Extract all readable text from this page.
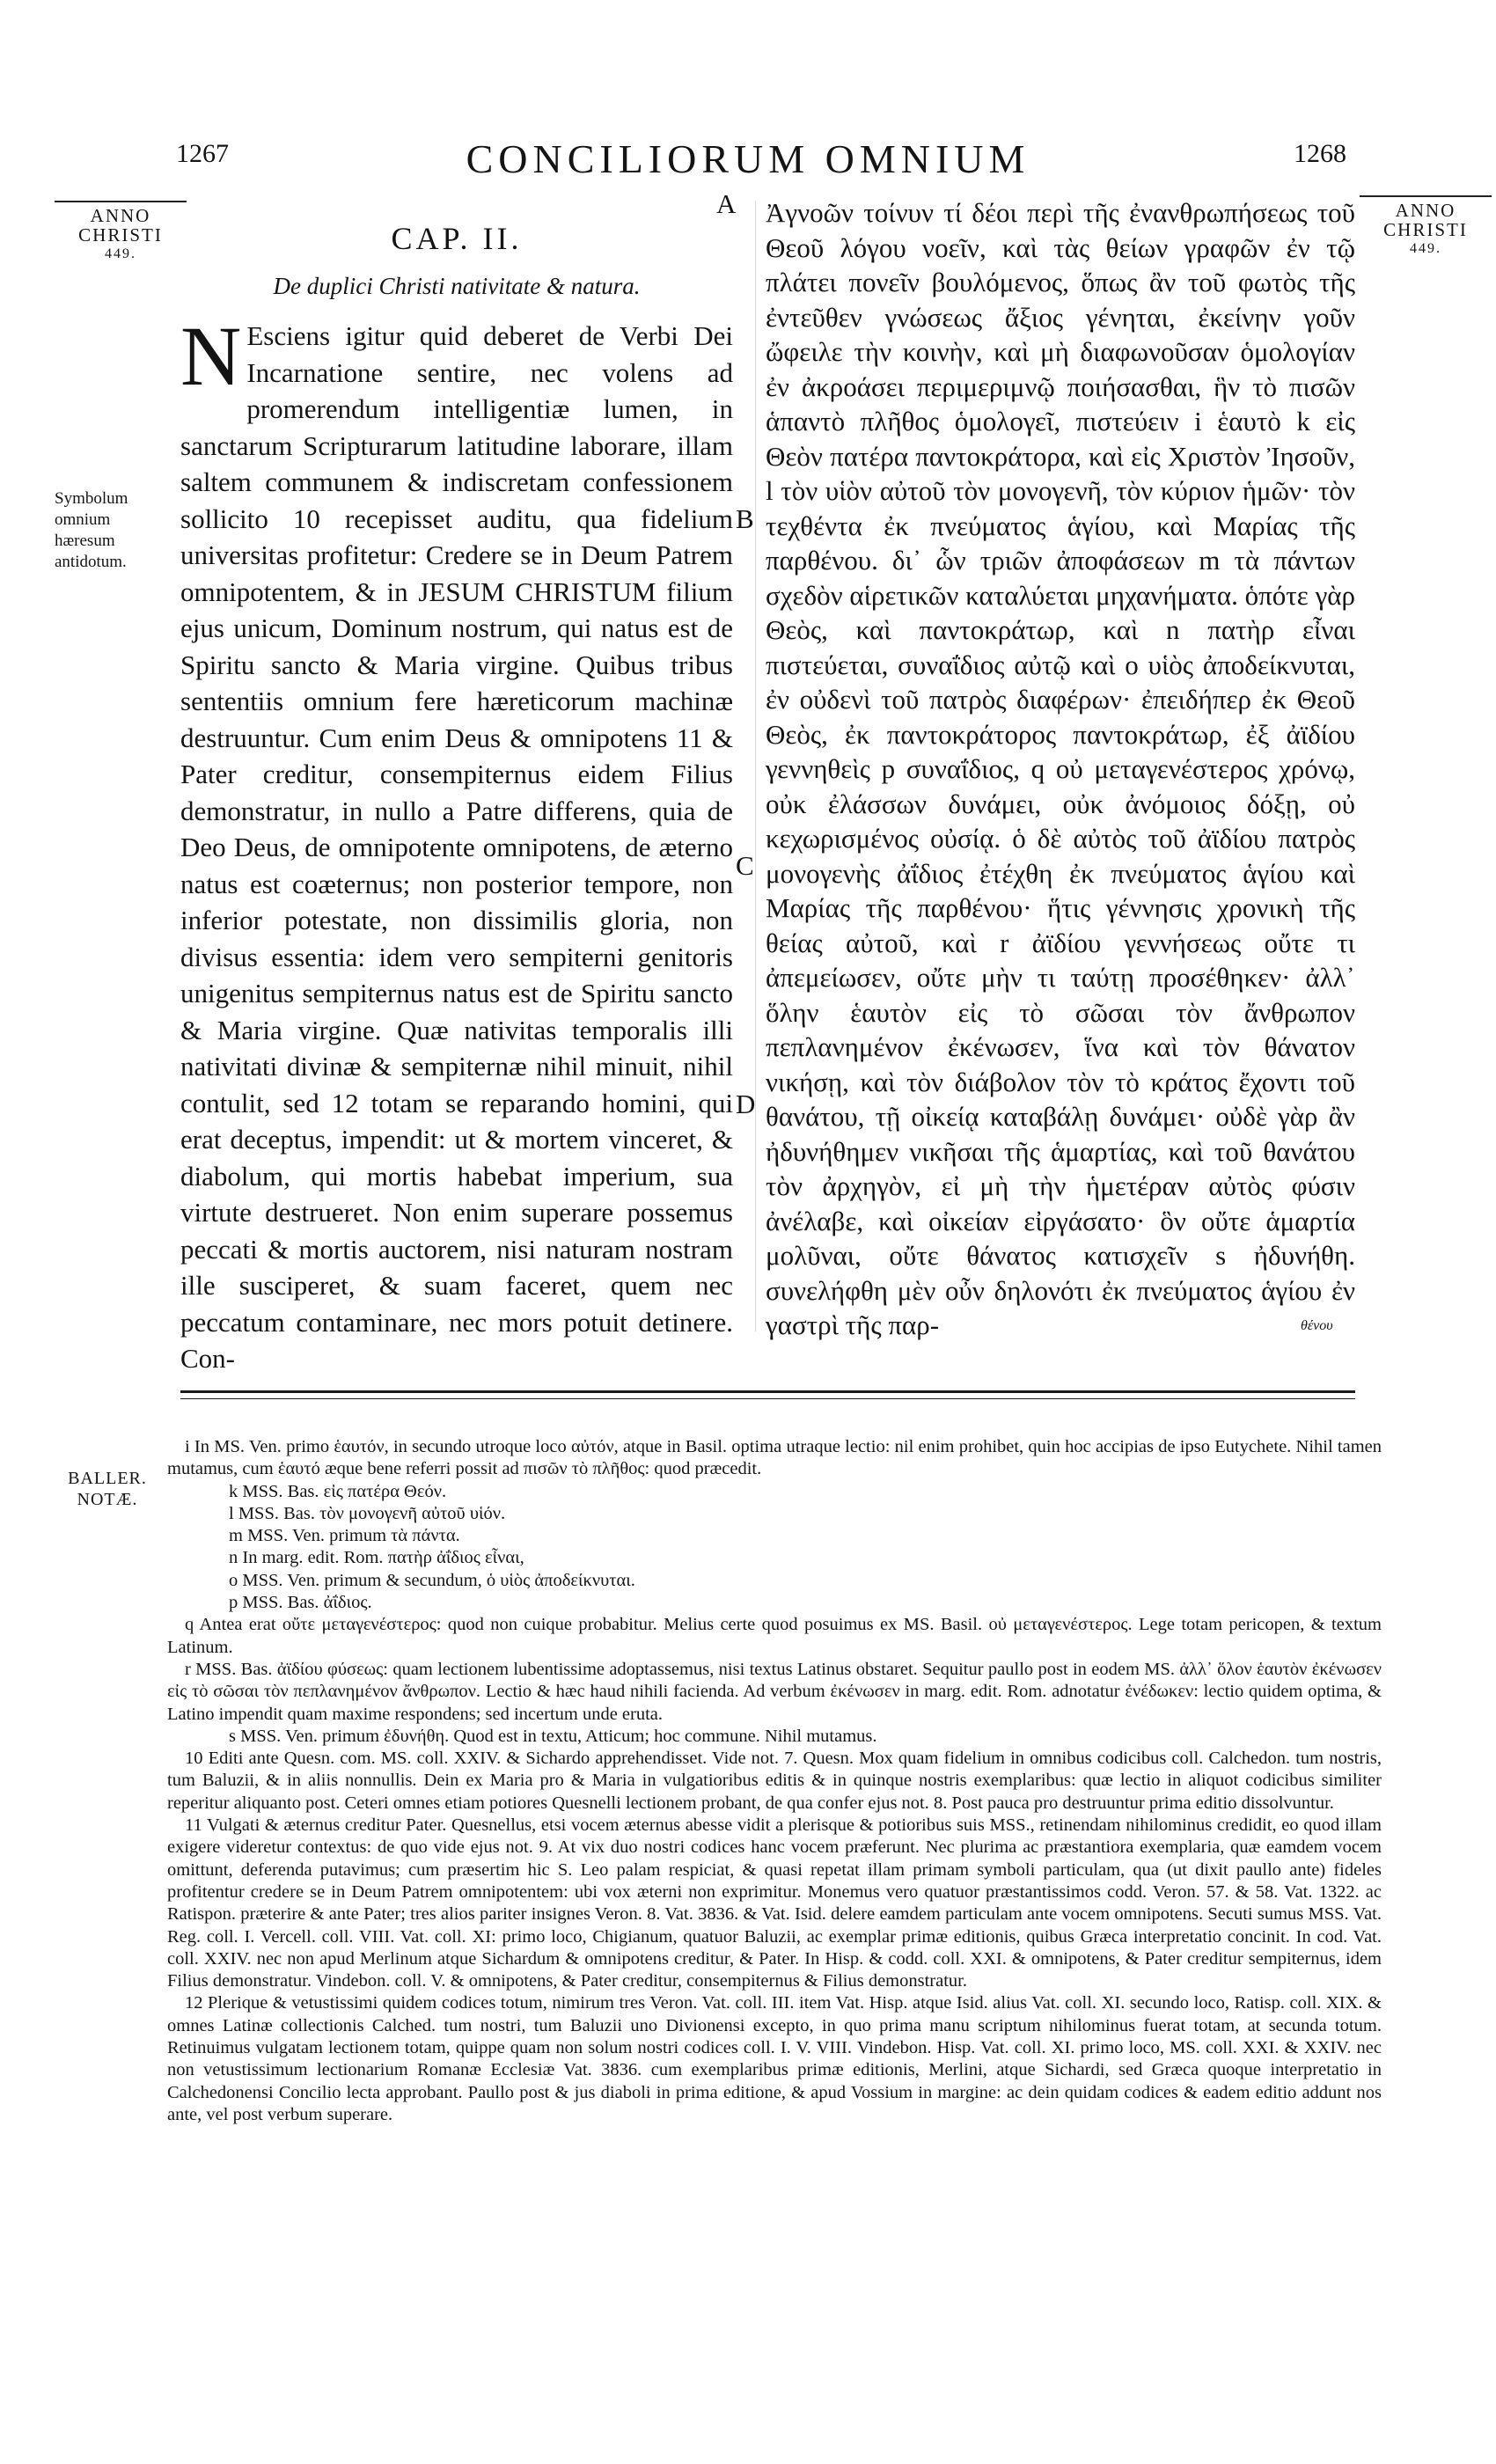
1267	CONCILIORUM OMNIUM	1268
ANNO
CHRISTI
449.
ANNO
CHRISTI
449.
CAP. II.
De duplici Christi nativitate & natura.
N Esciens igitur quid deberet de Verbi Dei Incarnatione sentire, nec volens ad promerendum intelligentiæ lumen, in sanctarum Scripturarum latitudine laborare, illam saltem communem & indiscretam confessionem sollicito 10 recepisset auditu, qua fidelium universitas profitetur: Credere se in Deum Patrem omnipotentem, & in JESUM CHRISTUM filium ejus unicum, Dominum nostrum, qui natus est de Spiritu sancto & Maria virgine. Quibus tribus sententiis omnium fere hæreticorum machinæ destruuntur. Cum enim Deus & omnipotens 11 & Pater creditur, consempiternus eidem Filius demonstratur, in nullo a Patre differens, quia de Deo Deus, de omnipotente omnipotens, de æterno natus est coæternus; non posterior tempore, non inferior potestate, non dissimilis gloria, non divisus essentia: idem vero sempiterni genitoris unigenitus sempiternus natus est de Spiritu sancto & Maria virgine. Quæ nativitas temporalis illi nativitati divinæ & sempiternæ nihil minuit, nihil contulit, sed 12 totam se reparando homini, qui erat deceptus, impendit: ut & mortem vinceret, & diabolum, qui mortis habebat imperium, sua virtute destrueret. Non enim superare possemus peccati & mortis auctorem, nisi naturam nostram ille susciperet, & suam faceret, quem nec peccatum contaminare, nec mors potuit detinere. Con-
Symbolum omnium hæresum antidotum.
A
B
C
D
Ἀγνοῶν τοίνυν τί δέοι περὶ τῆς ἐνανθρωπήσεως τοῦ Θεοῦ λόγου νοεῖν, καὶ τὰς θείων γραφῶν ἐν τῷ πλάτει πονεῖν βουλόμενος, ὅπως ἂν τοῦ φωτὸς τῆς ἐντεῦθεν γνώσεως ἄξιος γένηται, ἐκείνην γοῦν ὤφειλε τὴν κοινὴν, καὶ μὴ διαφωνοῦσαν ὁμολογίαν ἐν ἀκροάσει περιμεριμνῷ ποιήσασθαι, ἣν τὸ πισῶν ἁπαντὸ πλῆθος ὁμολογεῖ, πιστεύειν i ἑαυτὸ k εἰς Θεὸν πατέρα παντοκράτορα, καὶ εἰς Χριστὸν Ἰησοῦν, l τὸν υἱὸν αὐτοῦ τὸν μονογενῆ, τὸν κύριον ἡμῶν· τὸν τεχθέντα ἐκ πνεύματος ἁγίου, καὶ Μαρίας τῆς παρθένου. δι᾽ ὧν τριῶν ἀποφάσεων m τὰ πάντων σχεδὸν αἱρετικῶν καταλύεται μηχανήματα. ὁπότε γὰρ Θεὸς, καὶ παντοκράτωρ, καὶ n πατὴρ εἶναι πιστεύεται, συναΐδιος αὐτῷ καὶ ο υἱὸς ἀποδείκνυται, ἐν οὐδενὶ τοῦ πατρὸς διαφέρων· ἐπειδήπερ ἐκ Θεοῦ Θεὸς, ἐκ παντοκράτορος παντοκράτωρ, ἐξ ἀϊδίου γεννηθεὶς p συναΐδιος, q οὐ μεταγενέστερος χρόνῳ, οὐκ ἐλάσσων δυνάμει, οὐκ ἀνόμοιος δόξῃ, οὐ κεχωρισμένος οὐσίᾳ. ὁ δὲ αὐτὸς τοῦ ἀϊδίου πατρὸς μονογενὴς ἀΐδιος ἐτέχθη ἐκ πνεύματος ἁγίου καὶ Μαρίας τῆς παρθένου· ἥτις γέννησις χρονικὴ τῆς θείας αὐτοῦ, καὶ r ἀϊδίου γεννήσεως οὔτε τι ἀπεμείωσεν, οὔτε μὴν τι ταύτῃ προσέθηκεν· ἀλλ᾽ ὅλην ἑαυτὸν εἰς τὸ σῶσαι τὸν ἄνθρωπον πεπλανημένον ἐκένωσεν, ἵνα καὶ τὸν θάνατον νικήσῃ, καὶ τὸν διάβολον τὸν τὸ κράτος ἔχοντι τοῦ θανάτου, τῇ οἰκείᾳ καταβάλῃ δυνάμει· οὐδὲ γὰρ ἂν ἠδυνήθημεν νικῆσαι τῆς ἁμαρτίας, καὶ τοῦ θανάτου τὸν ἀρχηγὸν, εἰ μὴ τὴν ἡμετέραν αὐτὸς φύσιν ἀνέλαβε, καὶ οἰκείαν εἰργάσατο· ὃν οὔτε ἁμαρτία μολῦναι, οὔτε θάνατος κατισχεῖν s ἠδυνήθη. συνελήφθη μὲν οὖν δηλονότι ἐκ πνεύματος ἁγίου ἐν γαστρὶ τῆς παρ-	θένου
BALLER.
NOTÆ.

i In MS. Ven. primo ἑαυτόν, in secundo utroque loco αὐτόν, atque in Basil. optima utraque lectio: nil enim prohibet, quin hoc accipias de ipso Eutychete. Nihil tamen mutamus, cum ἑαυτό æque bene referri possit ad πισῶν τὸ πλῆθος: quod præcedit.

k MSS. Bas. εἰς πατέρα Θεόν.

l MSS. Bas. τὸν μονογενῆ αὐτοῦ υἱόν.

m MSS. Ven. primum τὰ πάντα.

n In marg. edit. Rom. πατὴρ ἀΐδιος εἶναι,

o MSS. Ven. primum & secundum, ὁ υἱὸς ἀποδείκνυται.

p MSS. Bas. ἀΐδιος.

q Antea erat οὔτε μεταγενέστερος: quod non cuique probabitur. Melius certe quod posuimus ex MS. Basil. οὐ μεταγενέστερος. Lege totam pericopen, & textum Latinum.

r MSS. Bas. ἀϊδίου φύσεως: quam lectionem lubentissime adoptassemus, nisi textus Latinus obstaret. Sequitur paullo post in eodem MS. ἀλλ᾽ ὅλον ἑαυτὸν ἐκένωσεν εἰς τὸ σῶσαι τὸν πεπλανημένον ἄνθρωπον. Lectio & hæc haud nihili facienda. Ad verbum ἐκένωσεν in marg. edit. Rom. adnotatur ἐνέδωκεν: lectio quidem optima, & Latino impendit quam maxime respondens; sed incertum unde eruta.

s MSS. Ven. primum ἐδυνήθη. Quod est in textu, Atticum; hoc commune. Nihil mutamus.

10 Editi ante Quesn. com. MS. coll. XXIV. & Sichardo apprehendisset. Vide not. 7. Quesn. Mox quam fidelium in omnibus codicibus coll. Calchedon. tum nostris, tum Baluzii, & in aliis nonnullis. Dein ex Maria pro & Maria in vulgatioribus editis & in quinque nostris exemplaribus: quæ lectio in aliquot codicibus similiter reperitur aliquanto post. Ceteri omnes etiam potiores Quesnelli lectionem probant, de qua confer ejus not. 8. Post pauca pro destruuntur prima editio dissolvuntur.

11 Vulgati & æternus creditur Pater. Quesnellus, etsi vocem æternus abesse vidit a plerisque & potioribus suis MSS., retinendam nihilominus credidit, eo quod illam exigere videretur contextus: de quo vide ejus not. 9. At vix duo nostri codices hanc vocem præferunt. Nec plurima ac præstantiora exemplaria, quæ eamdem vocem omittunt, deferenda putavimus; cum præsertim hic S. Leo palam respiciat, & quasi repetat illam primam symboli particulam, qua (ut dixit paullo ante) fideles profitentur credere se in Deum Patrem omnipotentem: ubi vox æterni non exprimitur. Monemus vero quatuor præstantissimos codd. Veron. 57. & 58. Vat. 1322. ac Ratispon. præterire & ante Pater; tres alios pariter insignes Veron. 8. Vat. 3836. & Vat. Isid. delere eamdem particulam ante vocem omnipotens. Secuti sumus MSS. Vat. Reg. coll. I. Vercell. coll. VIII. Vat. coll. XI: primo loco, Chigianum, quatuor Baluzii, ac exemplar primæ editionis, quibus Græca interpretatio concinit. In cod. Vat. coll. XXIV. nec non apud Merlinum atque Sichardum & omnipotens creditur, & Pater. In Hisp. & codd. coll. XXI. & omnipotens, & Pater creditur sempiternus, idem Filius demonstratur. Vindebon. coll. V. & omnipotens, & Pater creditur, consempiternus & Filius demonstratur.

12 Plerique & vetustissimi quidem codices totum, nimirum tres Veron. Vat. coll. III. item Vat. Hisp. atque Isid. alius Vat. coll. XI. secundo loco, Ratisp. coll. XIX. & omnes Latinæ collectionis Calched. tum nostri, tum Baluzii uno Divionensi excepto, in quo prima manu scriptum nihilominus fuerat totam, at secunda totum. Retinuimus vulgatam lectionem totam, quippe quam non solum nostri codices coll. I. V. VIII. Vindebon. Hisp. Vat. coll. XI. primo loco, MS. coll. XXI. & XXIV. nec non vetustissimum lectionarium Romanæ Ecclesiæ Vat. 3836. cum exemplaribus primæ editionis, Merlini, atque Sichardi, sed Græca quoque interpretatio in Calchedonensi Concilio lecta approbant. Paullo post & jus diaboli in prima editione, & apud Vossium in margine: ac dein quidam codices & eadem editio addunt nos ante, vel post verbum superare.
